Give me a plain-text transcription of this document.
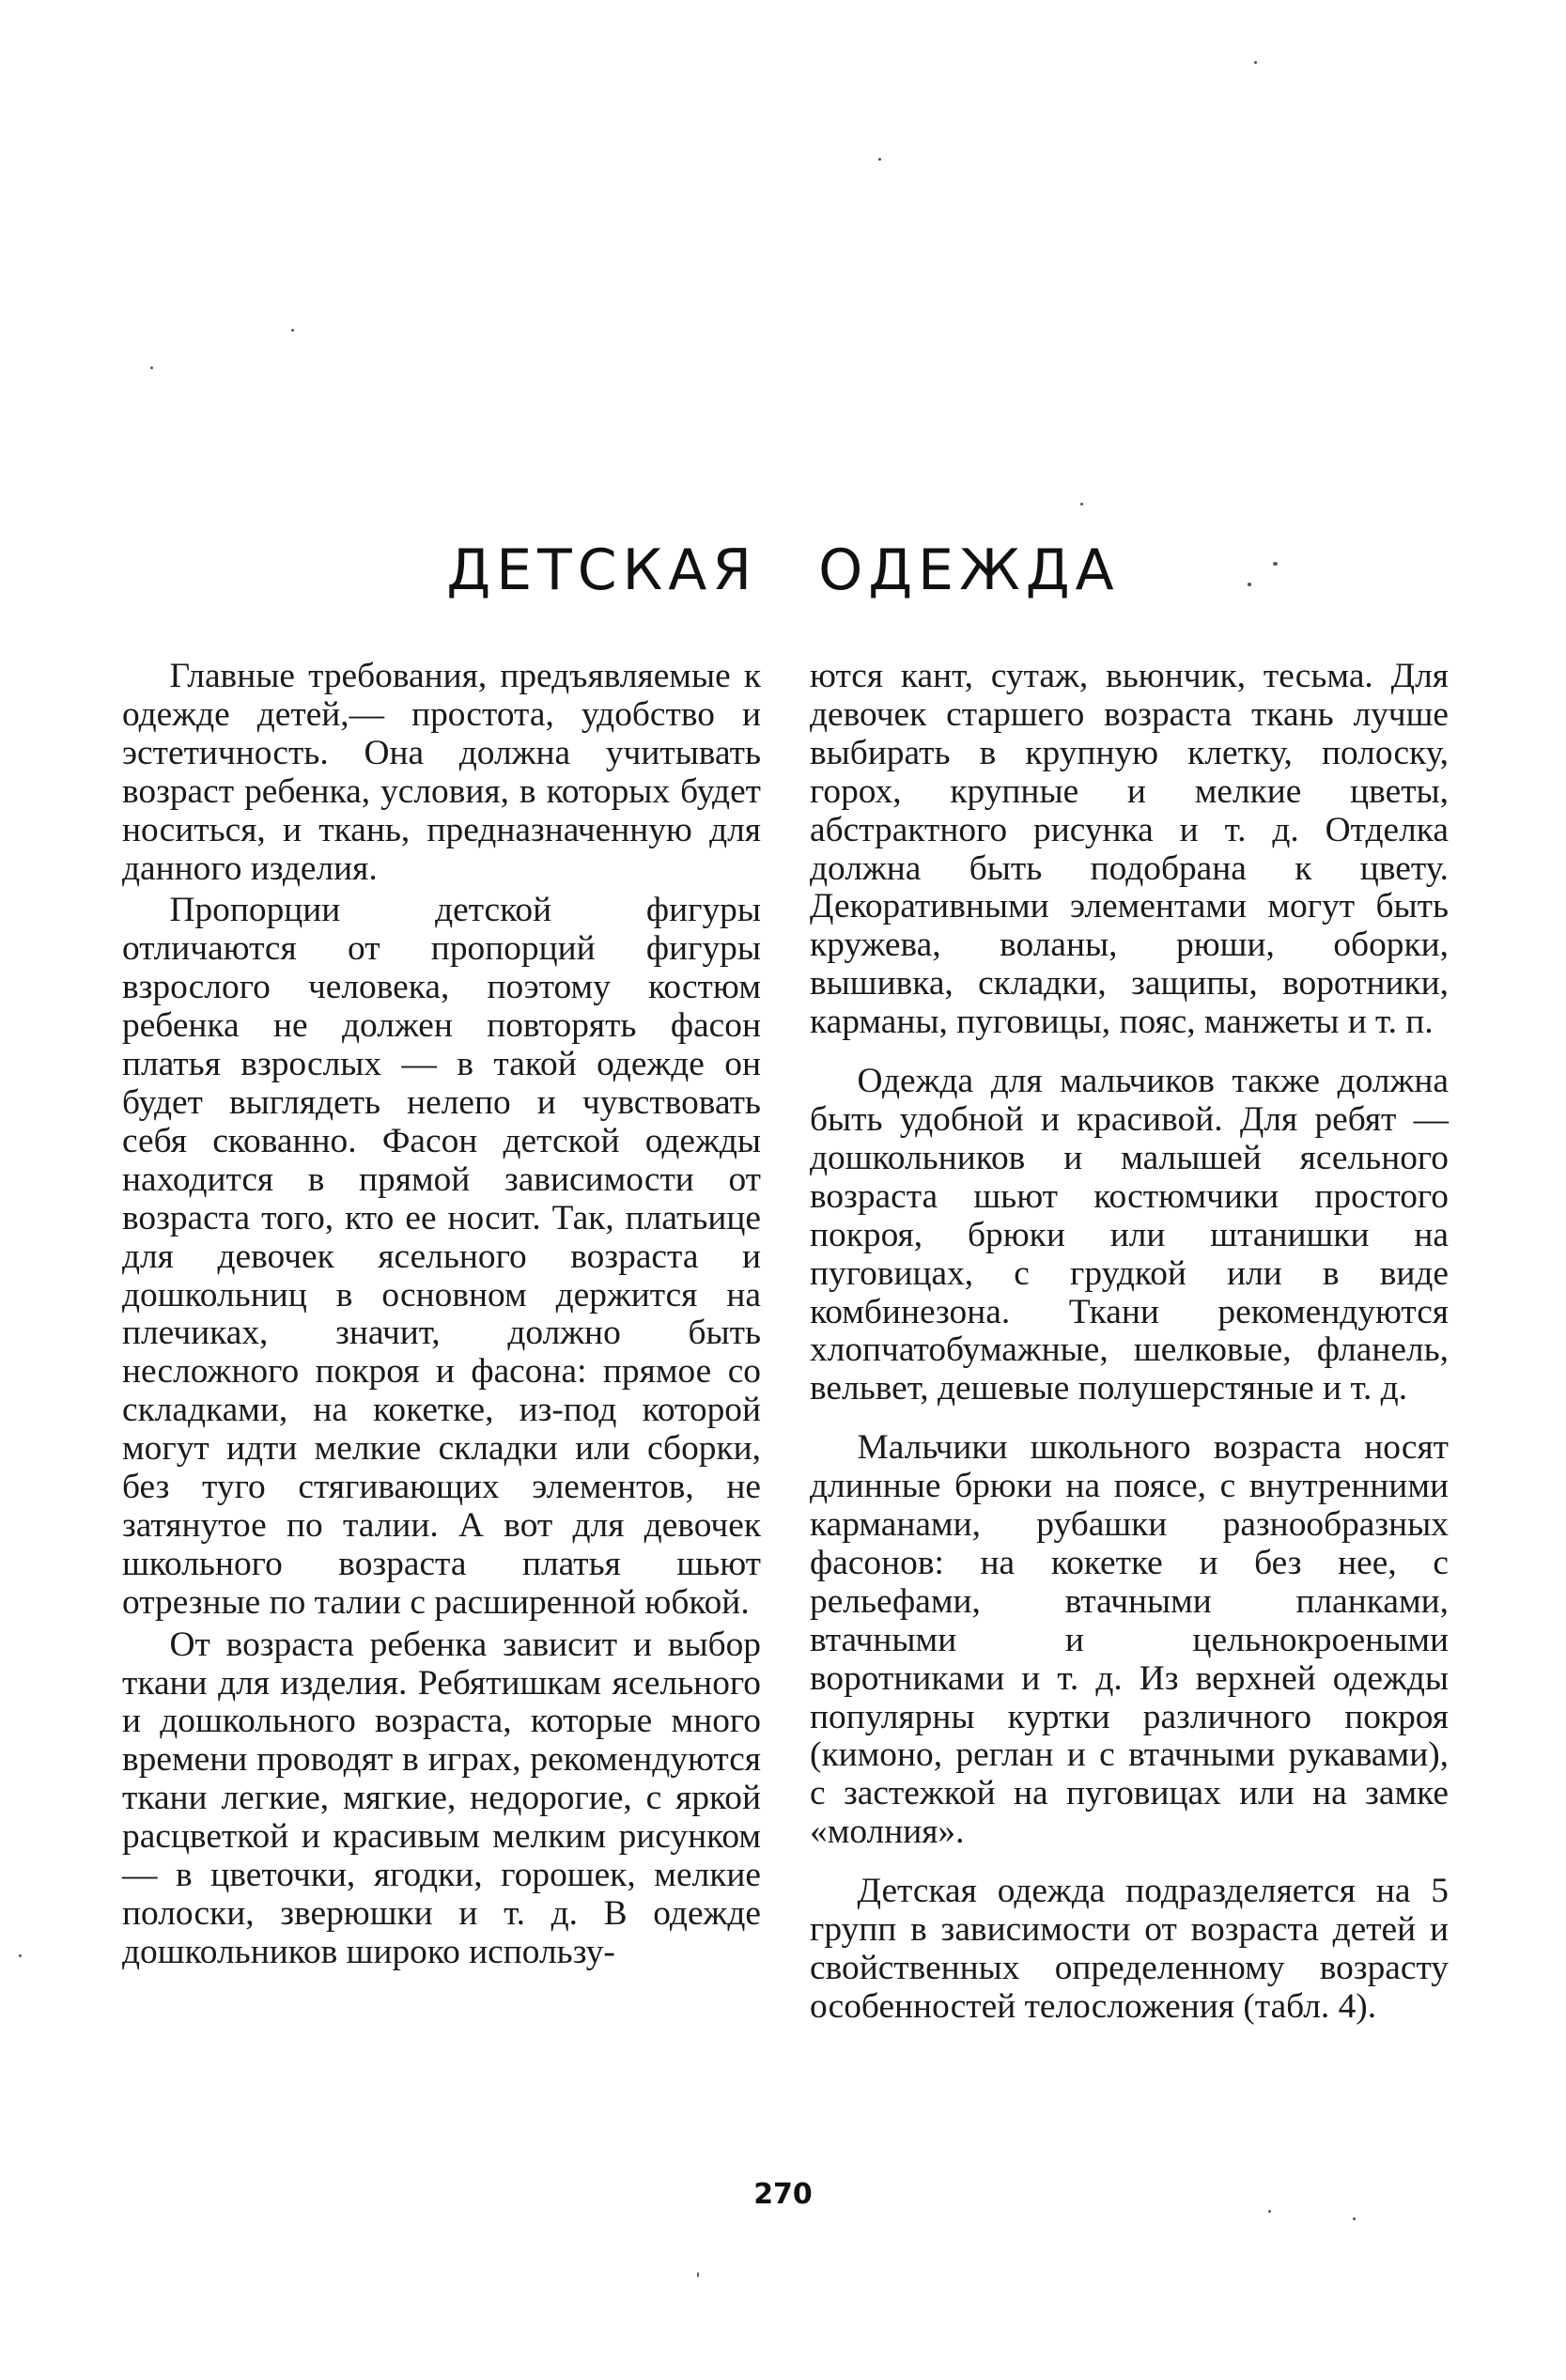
ДЕТСКАЯ ОДЕЖДА

Главные требования, предъявляемые к одежде детей,— простота, удобство и эстетичность. Она должна учитывать возраст ребенка, условия, в которых будет носиться, и ткань, предназначенную для данного изделия.

Пропорции детской фигуры отличаются от пропорций фигуры взрослого человека, поэтому костюм ребенка не должен повторять фасон платья взрослых — в такой одежде он будет выглядеть нелепо и чувствовать себя скованно. Фасон детской одежды находится в прямой зависимости от возраста того, кто ее носит. Так, платьице для девочек ясельного возраста и дошкольниц в основном держится на плечиках, значит, должно быть несложного покроя и фасона: прямое со складками, на кокетке, из-под которой могут идти мелкие складки или сборки, без туго стягивающих элементов, не затянутое по талии. А вот для девочек школьного возраста платья шьют отрезные по талии с расширенной юбкой.

От возраста ребенка зависит и выбор ткани для изделия. Ребятишкам ясельного и дошкольного возраста, которые много времени проводят в играх, рекомендуются ткани легкие, мягкие, недорогие, с яркой расцветкой и красивым мелким рисунком — в цветочки, ягодки, горошек, мелкие полоски, зверюшки и т. д. В одежде дошкольников широко использу-

ются кант, сутаж, вьюнчик, тесьма. Для девочек старшего возраста ткань лучше выбирать в крупную клетку, полоску, горох, крупные и мелкие цветы, абстрактного рисунка и т. д. Отделка должна быть подобрана к цвету. Декоративными элементами могут быть кружева, воланы, рюши, оборки, вышивка, складки, защипы, воротники, карманы, пуговицы, пояс, манжеты и т. п.

Одежда для мальчиков также должна быть удобной и красивой. Для ребят — дошкольников и малышей ясельного возраста шьют костюмчики простого покроя, брюки или штанишки на пуговицах, с грудкой или в виде комбинезона. Ткани рекомендуются хлопчатобумажные, шелковые, фланель, вельвет, дешевые полушерстяные и т. д.

Мальчики школьного возраста носят длинные брюки на поясе, с внутренними карманами, рубашки разнообразных фасонов: на кокетке и без нее, с рельефами, втачными планками, втачными и цельнокроеными воротниками и т. д. Из верхней одежды популярны куртки различного покроя (кимоно, реглан и с втачными рукавами), с застежкой на пуговицах или на замке «молния».

Детская одежда подразделяется на 5 групп в зависимости от возраста детей и свойственных определенному возрасту особенностей телосложения (табл. 4).

270
